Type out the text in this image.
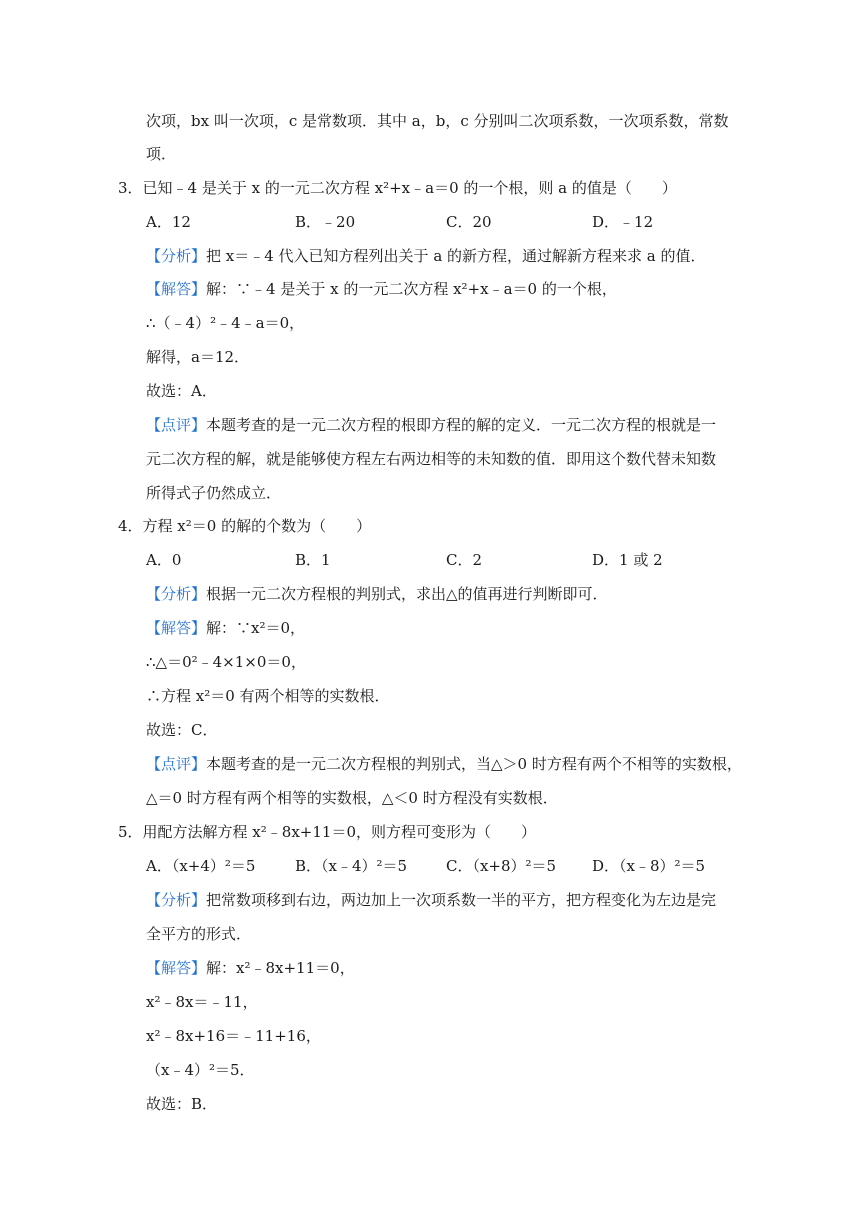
次项，bx 叫一次项，c 是常数项．其中 a，b，c 分别叫二次项系数，一次项系数，常数
项．
3．已知﹣4 是关于 x 的一元二次方程 x²+x﹣a＝0 的一个根，则 a 的值是（　　）
A．12	B．﹣20	C．20	D．﹣12
【分析】把 x＝﹣4 代入已知方程列出关于 a 的新方程，通过解新方程来求 a 的值．
【解答】解：∵﹣4 是关于 x 的一元二次方程 x²+x﹣a＝0 的一个根，
∴（﹣4）²﹣4﹣a＝0，
解得，a＝12．
故选：A．
【点评】本题考查的是一元二次方程的根即方程的解的定义．一元二次方程的根就是一
元二次方程的解，就是能够使方程左右两边相等的未知数的值．即用这个数代替未知数
所得式子仍然成立．
4．方程 x²＝0 的解的个数为（　　）
A．0	B．1	C．2	D．1 或 2
【分析】根据一元二次方程根的判别式，求出△的值再进行判断即可．
【解答】解：∵x²＝0，
∴△＝0²﹣4×1×0＝0，
∴方程 x²＝0 有两个相等的实数根．
故选：C．
【点评】本题考查的是一元二次方程根的判别式，当△＞0 时方程有两个不相等的实数根，
△＝0 时方程有两个相等的实数根，△＜0 时方程没有实数根．
5．用配方法解方程 x²﹣8x+11＝0，则方程可变形为（　　）
A．（x+4）²＝5	B．（x﹣4）²＝5	C．（x+8）²＝5 D．（x﹣8）²＝5
【分析】把常数项移到右边，两边加上一次项系数一半的平方，把方程变化为左边是完
全平方的形式．
【解答】解：x²﹣8x+11＝0，
x²﹣8x＝﹣11，
x²﹣8x+16＝﹣11+16，
（x﹣4）²＝5．
故选：B．
